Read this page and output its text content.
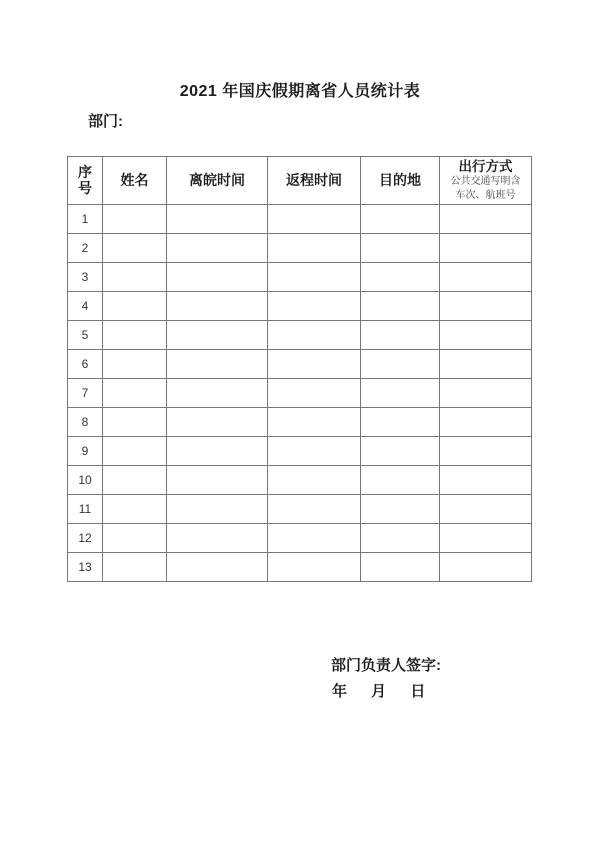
2021 年国庆假期离省人员统计表
部门:
序号	姓名	离皖时间	返程时间	目的地	出行方式
公共交通写明含
车次、航班号

1					
2					
3					
4					
5					
6					
7					
8					
9					
10					
11					
12					
13					
部门负责人签字:
年 月 日
